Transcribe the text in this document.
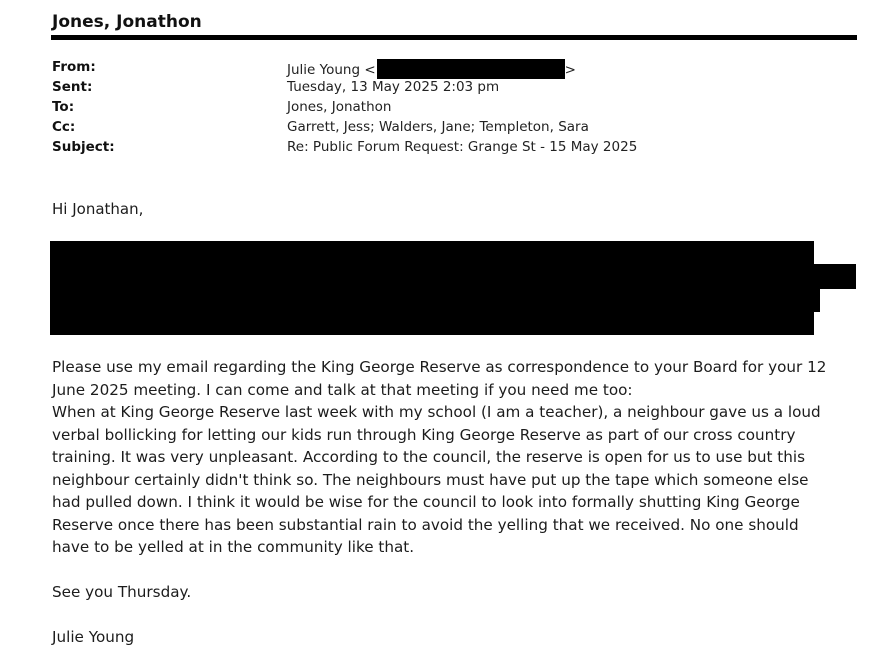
Jones, Jonathon
From:	Julie Young <	>
Sent:	Tuesday, 13 May 2025 2:03 pm
To:	Jones, Jonathon
Cc:	Garrett, Jess; Walders, Jane; Templeton, Sara
Subject:	Re: Public Forum Request: Grange St - 15 May 2025
Hi Jonathan,
Please use my email regarding the King George Reserve as correspondence to your Board for your 12
June 2025 meeting. I can come and talk at that meeting if you need me too:
When at King George Reserve last week with my school (I am a teacher), a neighbour gave us a loud
verbal bollicking for letting our kids run through King George Reserve as part of our cross country
training. It was very unpleasant. According to the council, the reserve is open for us to use but this
neighbour certainly didn't think so. The neighbours must have put up the tape which someone else
had pulled down. I think it would be wise for the council to look into formally shutting King George
Reserve once there has been substantial rain to avoid the yelling that we received. No one should
have to be yelled at in the community like that.
See you Thursday.
Julie Young
